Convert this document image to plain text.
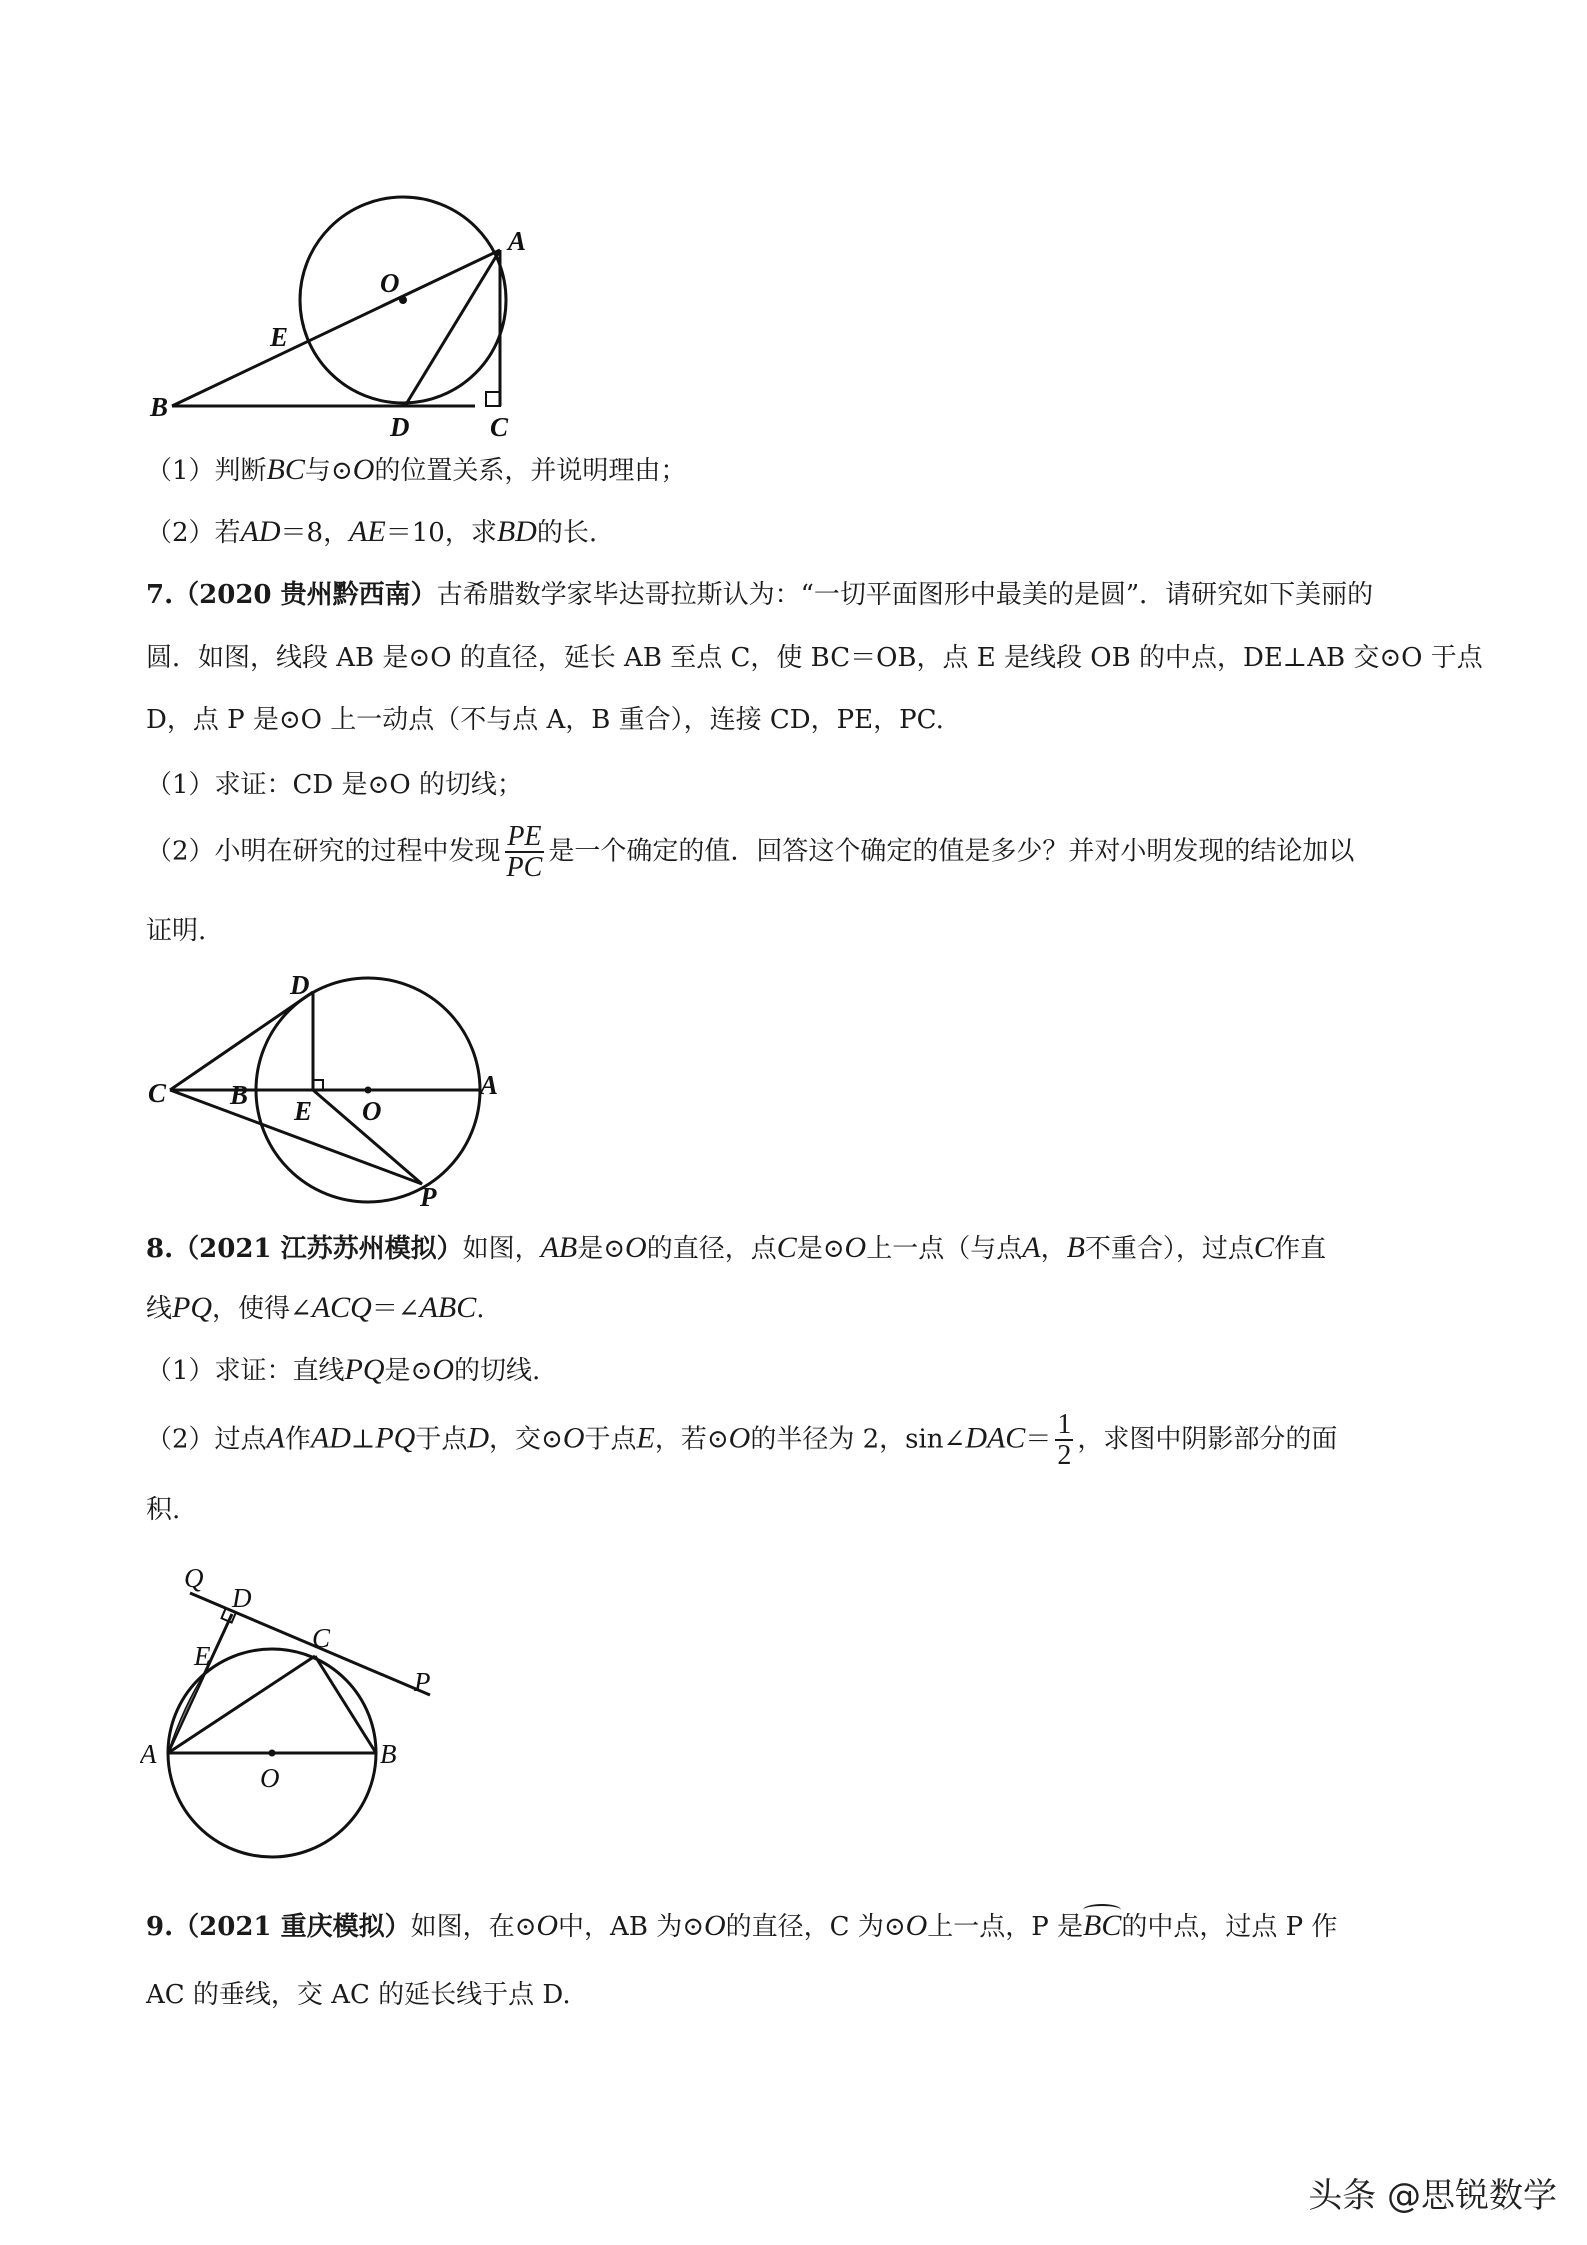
A
B
C
D
E
O
（1）判断BC与⊙O的位置关系，并说明理由；
（2）若AD＝8，AE＝10，求BD的长.
7.（2020 贵州黔西南）古希腊数学家毕达哥拉斯认为：“一切平面图形中最美的是圆”．请研究如下美丽的
圆．如图，线段 AB 是⊙O 的直径，延长 AB 至点 C，使 BC＝OB，点 E 是线段 OB 的中点，DE⊥AB 交⊙O 于点
D，点 P 是⊙O 上一动点（不与点 A，B 重合），连接 CD，PE，PC.
（1）求证：CD 是⊙O 的切线；
（2）小明在研究的过程中发现 $\frac{PE}{PC}$ 是一个确定的值．回答这个确定的值是多少？并对小明发现的结论加以
证明.
D
C B
E O
A
P
8.（2021 江苏苏州模拟）如图，AB是⊙O的直径，点C是⊙O上一点（与点A，B不重合），过点C作直
线PQ，使得∠ACQ＝∠ABC.
（1）求证：直线PQ是⊙O的切线.
（2）过点A作AD⊥PQ于点D，交⊙O于点E，若⊙O的半径为 2，sin∠DAC＝ $\frac{1}{2}$ ，求图中阴影部分的面
积.
Q
D
E
C
P
A	B
O
9.（2021 重庆模拟）如图，在⊙O中，AB 为⊙O的直径，C 为⊙O上一点，P 是BC的中点，过点 P 作
AC 的垂线，交 AC 的延长线于点 D.
头条 @思锐数学
